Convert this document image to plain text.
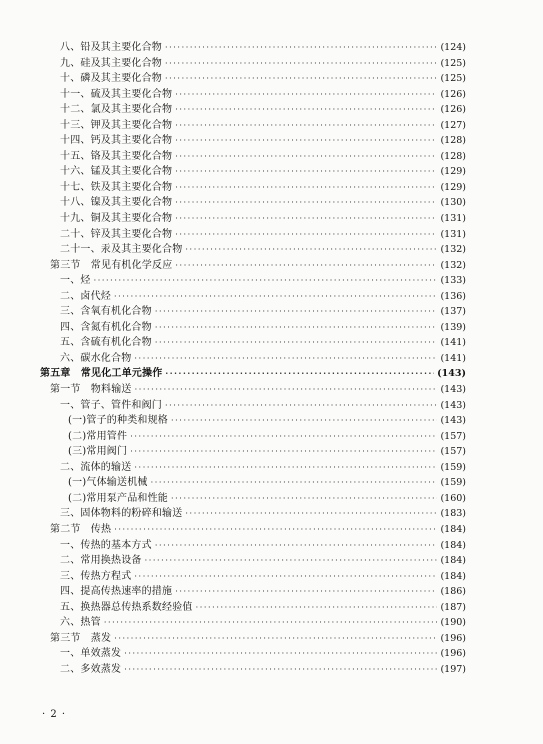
八、铅及其主要化合物 ·····	(124)
九、硅及其主要化合物 ·····	(125)
十、磷及其主要化合物 ·····	(125)
十一、硫及其主要化合物 ·····	(126)
十二、氯及其主要化合物 ·····	(126)
十三、钾及其主要化合物 ·····	(127)
十四、钙及其主要化合物 ·····	(128)
十五、铬及其主要化合物 ·····	(128)
十六、锰及其主要化合物 ·····	(129)
十七、铁及其主要化合物 ·····	(129)
十八、镍及其主要化合物 ·····	(130)
十九、铜及其主要化合物 ·····	(131)
二十、锌及其主要化合物 ·····	(131)
二十一、汞及其主要化合物 ·····	(132)
第三节　常见有机化学反应 ·····	(132)
一、烃 ·····	(133)
二、卤代烃 ·····	(136)
三、含氧有机化合物 ·····	(137)
四、含氮有机化合物 ·····	(139)
五、含硫有机化合物 ·····	(141)
六、碳水化合物 ·····	(141)
第五章　常见化工单元操作 ·····	(143)
第一节　物料输送 ·····	(143)
一、管子、管件和阀门 ·····	(143)
(一)管子的种类和规格 ·····	(143)
(二)常用管件 ·····	(157)
(三)常用阀门 ·····	(157)
二、流体的输送 ·····	(159)
(一)气体输送机械 ·····	(159)
(二)常用泵产品和性能 ·····	(160)
三、固体物料的粉碎和输送 ·····	(183)
第二节　传热 ·····	(184)
一、传热的基本方式 ·····	(184)
二、常用换热设备 ·····	(184)
三、传热方程式 ·····	(184)
四、提高传热速率的措施 ·····	(186)
五、换热器总传热系数经验值 ·····	(187)
六、热管 ·····	(190)
第三节　蒸发 ·····	(196)
一、单效蒸发 ·····	(196)
二、多效蒸发 ·····	(197)
· 2 ·
